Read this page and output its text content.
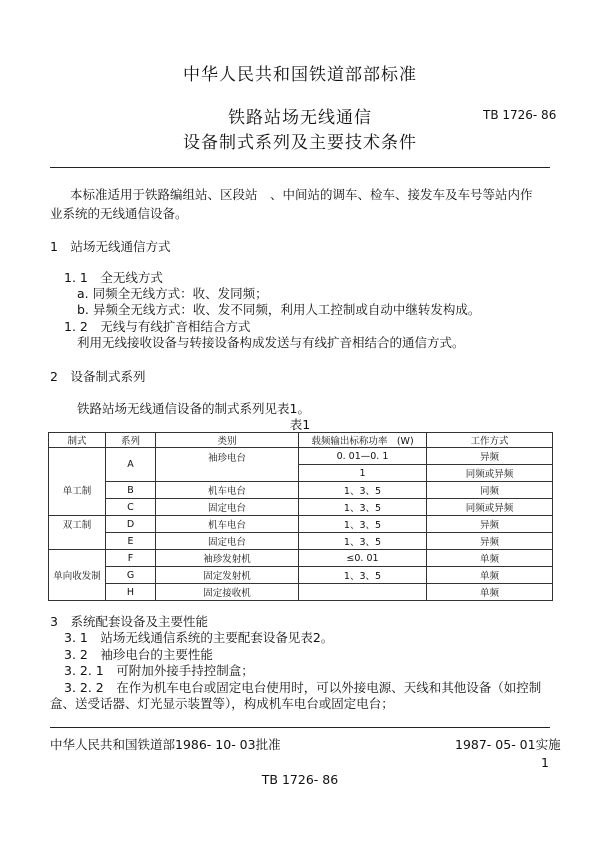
中华人民共和国铁道部部标准
铁路站场无线通信
设备制式系列及主要技术条件
TB 1726- 86
本标准适用于铁路编组站、区段站　、中间站的调车、检车、接发车及车号等站内作
业系统的无线通信设备。
1　站场无线通信方式
1. 1　全无线方式
a. 同频全无线方式：收、发同频；
b. 异频全无线方式：收、发不同频，利用人工控制或自动中继转发构成。
1. 2　无线与有线扩音相结合方式
利用无线接收设备与转接设备构成发送与有线扩音相结合的通信方式。
2　设备制式系列
铁路站场无线通信设备的制式系列见表1。
表1
制式	系列	类别	载频输出标称功率　(W)	工作方式
	A	袖珍电台	0. 01—0. 1	异频
			1	同频或异频
单工制	B	机车电台	1、3、5	同频
	C	固定电台	1、3、5	同频或异频
双工制	D	机车电台	1、3、5	异频
	E	固定电台	1、3、5	异频
	F	袖珍发射机	≤0. 01	单频
单向收发制	G	固定发射机	1、3、5	单频
	H	固定接收机		单频
3　系统配套设备及主要性能
3. 1　站场无线通信系统的主要配套设备见表2。
3. 2　袖珍电台的主要性能
3. 2. 1　可附加外接手持控制盒；
3. 2. 2　在作为机车电台或固定电台使用时，可以外接电源、天线和其他设备（如控制
盒、送受话器、灯光显示装置等），构成机车电台或固定电台；
中华人民共和国铁道部1986- 10- 03批准	1987- 05- 01实施
1
TB 1726- 86
